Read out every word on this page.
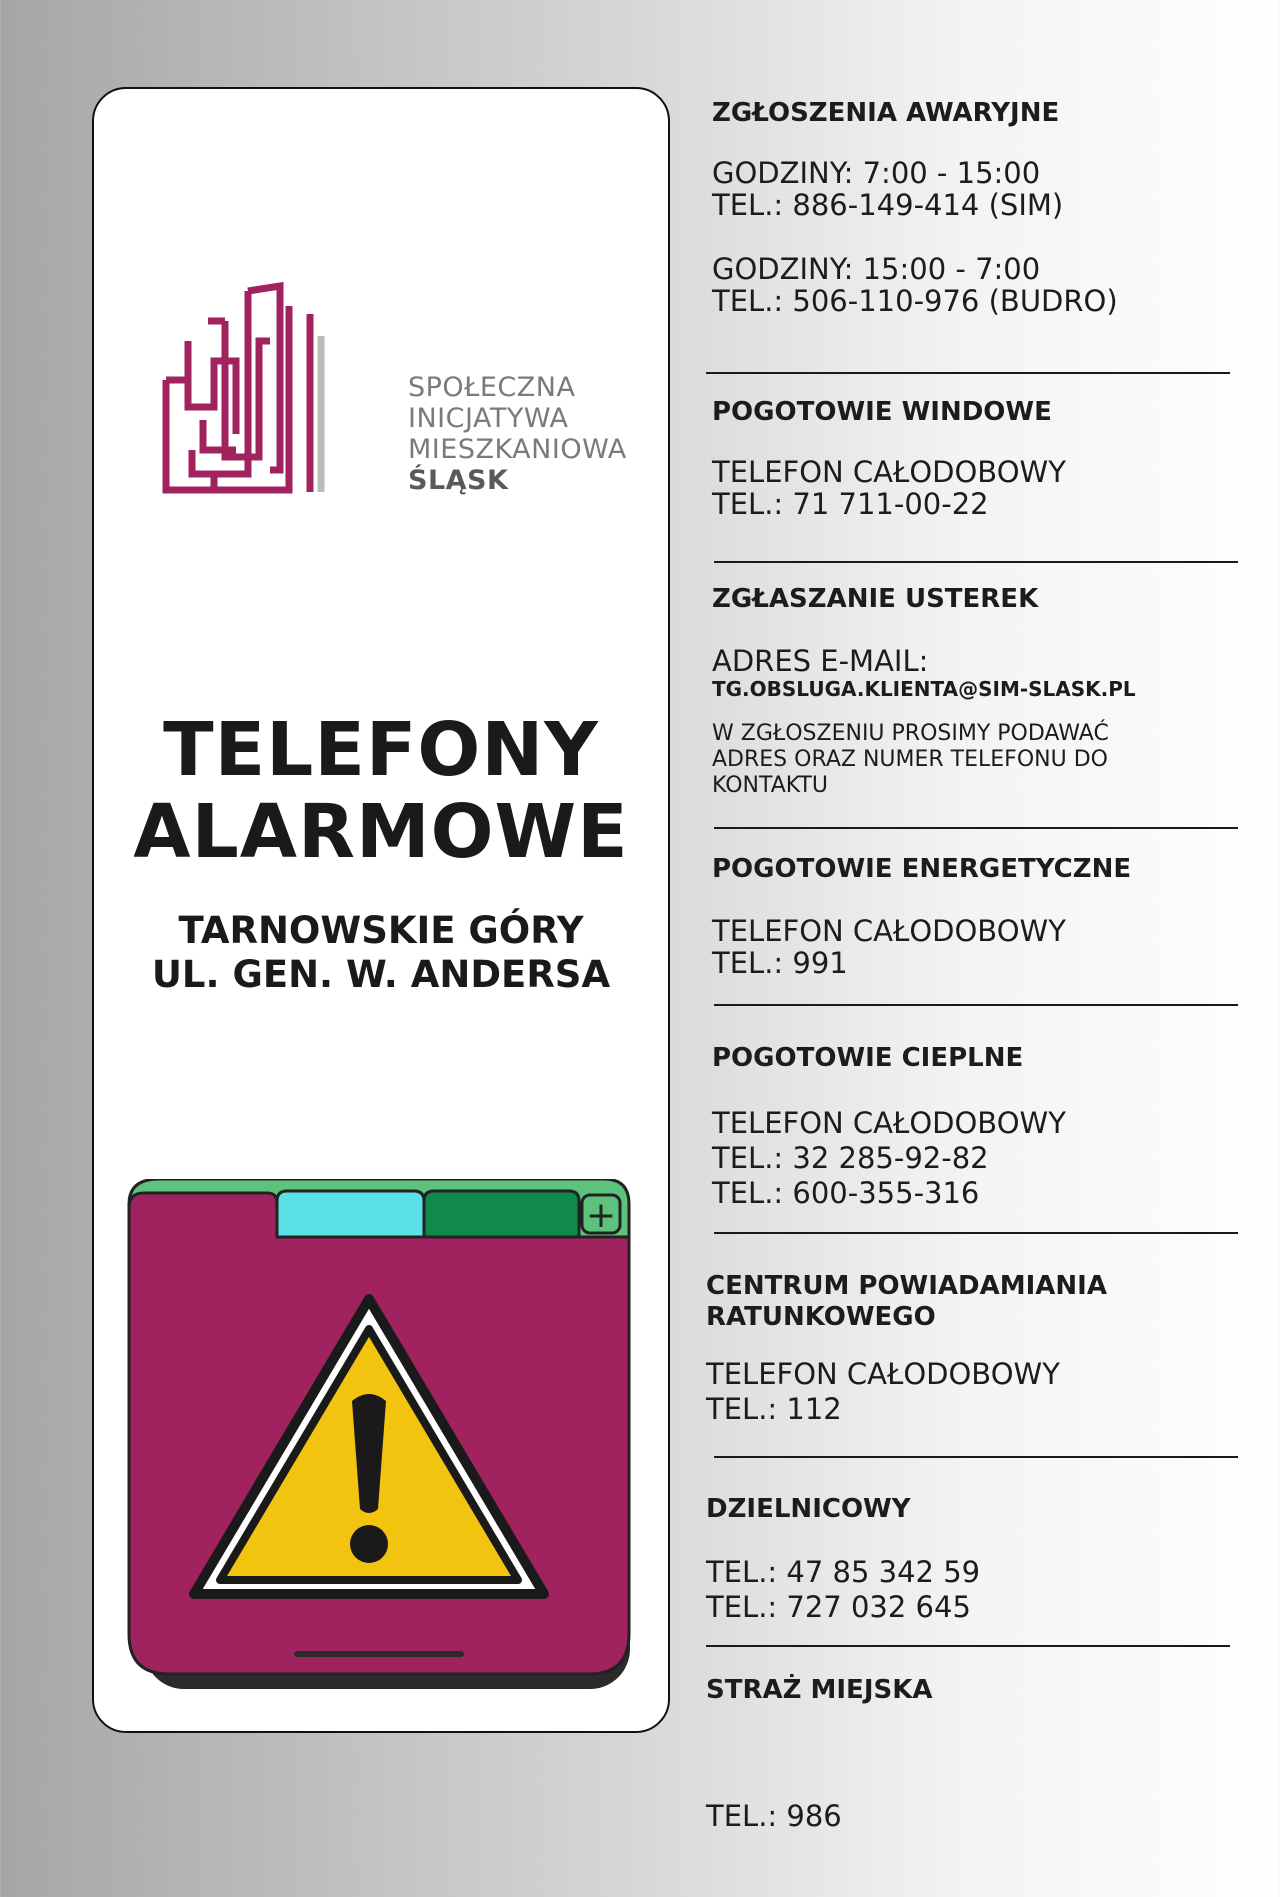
SPOŁECZNA
INICJATYWA
MIESZKANIOWA
ŚLĄSK
TELEFONY
ALARMOWE
TARNOWSKIE GÓRY
UL. GEN. W. ANDERSA
+
ZGŁOSZENIA AWARYJNE
GODZINY: 7:00 - 15:00
TEL.: 886-149-414 (SIM)
GODZINY: 15:00 - 7:00
TEL.: 506-110-976 (BUDRO)
POGOTOWIE WINDOWE
TELEFON CAŁODOBOWY
TEL.: 71 711-00-22
ZGŁASZANIE USTEREK
ADRES E-MAIL:
TG.OBSLUGA.KLIENTA@SIM-SLASK.PL
W ZGŁOSZENIU PROSIMY PODAWAĆ ADRES ORAZ NUMER TELEFONU DO KONTAKTU
POGOTOWIE ENERGETYCZNE
TELEFON CAŁODOBOWY
TEL.: 991
POGOTOWIE CIEPLNE
TELEFON CAŁODOBOWY
TEL.: 32 285-92-82
TEL.: 600-355-316
CENTRUM POWIADAMIANIA
RATUNKOWEGO
TELEFON CAŁODOBOWY
TEL.: 112
DZIELNICOWY
TEL.: 47 85 342 59
TEL.: 727 032 645
STRAŻ MIEJSKA

TEL.: 986
